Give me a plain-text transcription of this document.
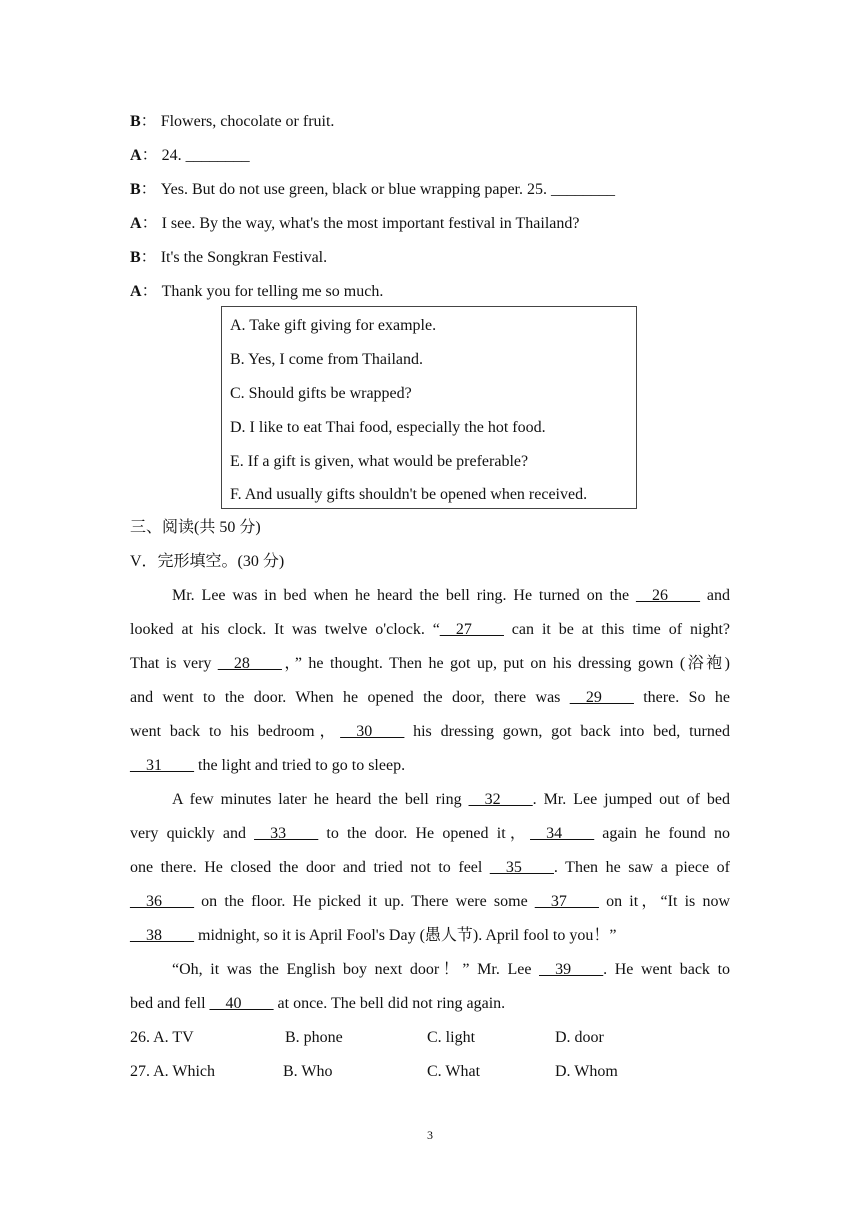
B： Flowers, chocolate or fruit.
A： 24. ________
B： Yes. But do not use green, black or blue wrapping paper. 25. ________
A： I see. By the way, what's the most important festival in Thailand?
B： It's the Songkran Festival.
A： Thank you for telling me so much.
A. Take gift giving for example.
B. Yes, I come from Thailand.
C. Should gifts be wrapped?
D. I like to eat Thai food, especially the hot food.
E. If a gift is given, what would be preferable?
F. And usually gifts shouldn't be opened when received.
三、阅读(共 50 分)
V．完形填空。(30 分)
Mr. Lee was in bed when he heard the bell ring. He turned on the __26____ and
looked at his clock. It was twelve o'clock. “__27____ can it be at this time of night?
That is very __28____，” he thought. Then he got up, put on his dressing gown (浴袍)
and went to the door. When he opened the door, there was __29____ there. So he
went back to his bedroom，__30____ his dressing gown, got back into bed, turned
__31____ the light and tried to go to sleep.
A few minutes later he heard the bell ring __32____. Mr. Lee jumped out of bed
very quickly and __33____ to the door. He opened it，__34____ again he found no
one there. He closed the door and tried not to feel __35____. Then he saw a piece of
__36____ on the floor. He picked it up. There were some __37____ on it，“It is now
__38____ midnight, so it is April Fool's Day (愚人节). April fool to you！”
“Oh, it was the English boy next door！” Mr. Lee __39____. He went back to
bed and fell __40____ at once. The bell did not ring again.
26. A. TV	B. phone	C. light	D. door
27. A. Which	B. Who	C. What	D. Whom
3
